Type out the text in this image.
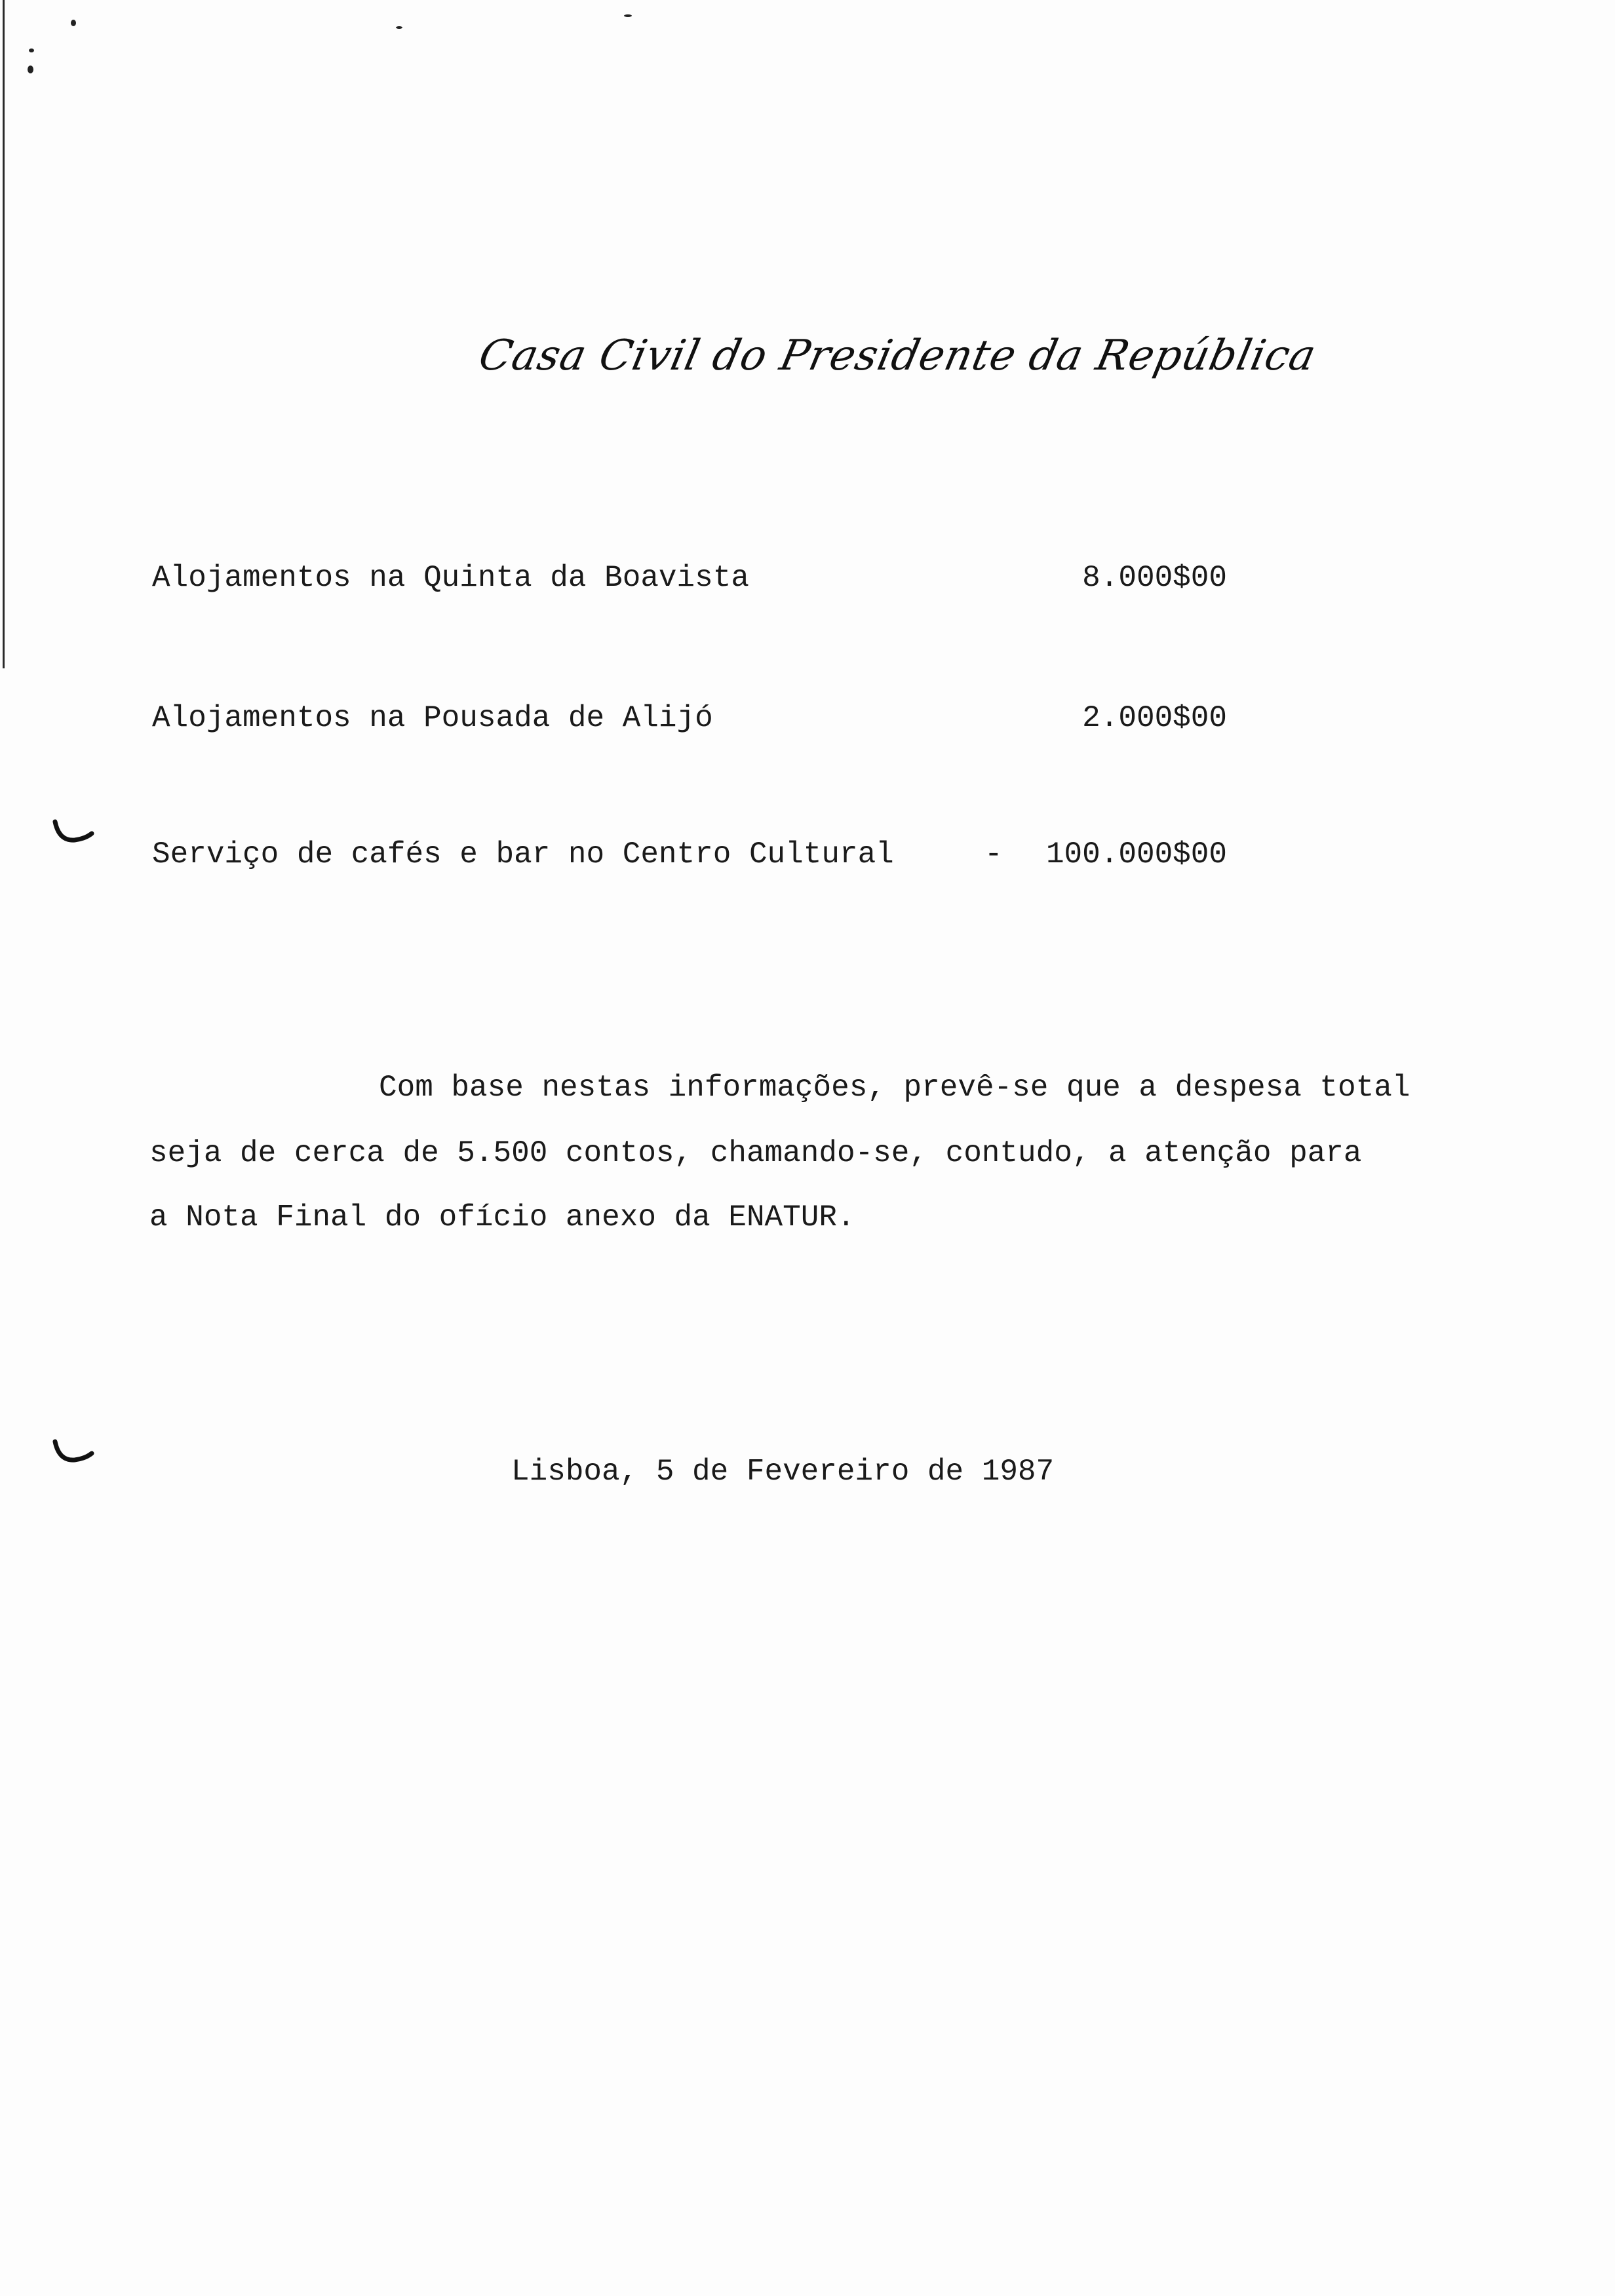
Casa Civil do Presidente da República
Alojamentos na Quinta da Boavista	8.000$00
Alojamentos na Pousada de Alijó	2.000$00
Serviço de cafés e bar no Centro Cultural	- 100.000$00
Com base nestas informações, prevê-se que a despesa total
seja de cerca de 5.500 contos, chamando-se, contudo, a atenção para
a Nota Final do ofício anexo da ENATUR.
Lisboa, 5 de Fevereiro de 1987
